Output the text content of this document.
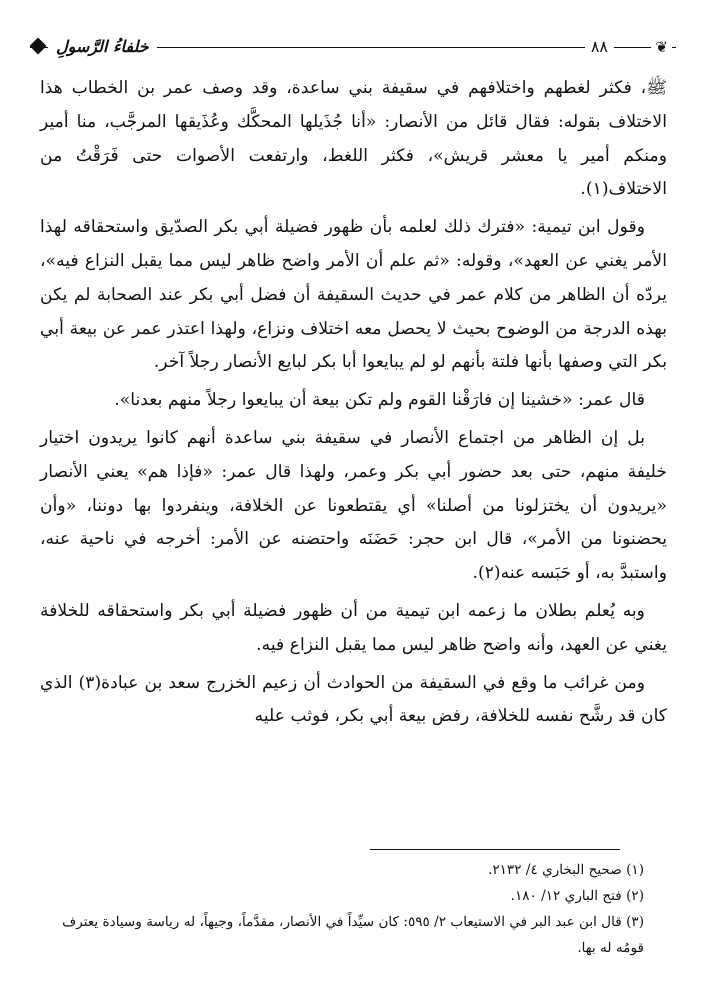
خلفاءُ الرَّسولِ	٨٨	❦

ﷺ، فكثر لغطهم واختلافهم في سقيفة بني ساعدة، وقد وصف عمر بن الخطاب هذا الاختلاف بقوله: فقال قائل من الأنصار: «أنا جُذَيلها المحكَّك وعُذَيقها المرجَّب، منا أمير ومنكم أمير يا معشر قريش»، فكثر اللغط، وارتفعت الأصوات حتى فَرَقْتُ من الاختلاف(١).

وقول ابن تيمية: «فترك ذلك لعلمه بأن ظهور فضيلة أبي بكر الصدّيق واستحقاقه لهذا الأمر يغني عن العهد»، وقوله: «ثم علم أن الأمر واضح ظاهر ليس مما يقبل النزاع فيه»، يردّه أن الظاهر من كلام عمر في حديث السقيفة أن فضل أبي بكر عند الصحابة لم يكن بهذه الدرجة من الوضوح بحيث لا يحصل معه اختلاف ونزاع، ولهذا اعتذر عمر عن بيعة أبي بكر التي وصفها بأنها فلتة بأنهم لو لم يبايعوا أبا بكر لبايع الأنصار رجلاً آخر.

قال عمر: «خشينا إن فارَقْنا القوم ولم تكن بيعة أن يبايعوا رجلاً منهم بعدنا».

بل إن الظاهر من اجتماع الأنصار في سقيفة بني ساعدة أنهم كانوا يريدون اختيار خليفة منهم، حتى بعد حضور أبي بكر وعمر، ولهذا قال عمر: «فإذا هم» يعني الأنصار «يريدون أن يختزلونا من أصلنا» أي يقتطعونا عن الخلافة، وينفردوا بها دوننا، «وأن يحضنونا من الأمر»، قال ابن حجر: حَضَنَه واحتضنه عن الأمر: أخرجه في ناحية عنه، واستبدَّ به، أو حَبَسه عنه(٢).

وبه يُعلم بطلان ما زعمه ابن تيمية من أن ظهور فضيلة أبي بكر واستحقاقه للخلافة يغني عن العهد، وأنه واضح ظاهر ليس مما يقبل النزاع فيه.

ومن غرائب ما وقع في السقيفة من الحوادث أن زعيم الخزرج سعد بن عبادة(٣) الذي كان قد رشَّح نفسه للخلافة، رفض بيعة أبي بكر، فوثب عليه

(١) صحيح البخاري ٤/ ٢١٣٢.

(٢) فتح الباري ١٢/ ١٨٠.

(٣) قال ابن عبد البر في الاستيعاب ٢/ ٥٩٥: كان سيِّداً في الأنصار، مقدَّماً، وجيهاً، له رياسة وسيادة يعترف قومُه له بها.
